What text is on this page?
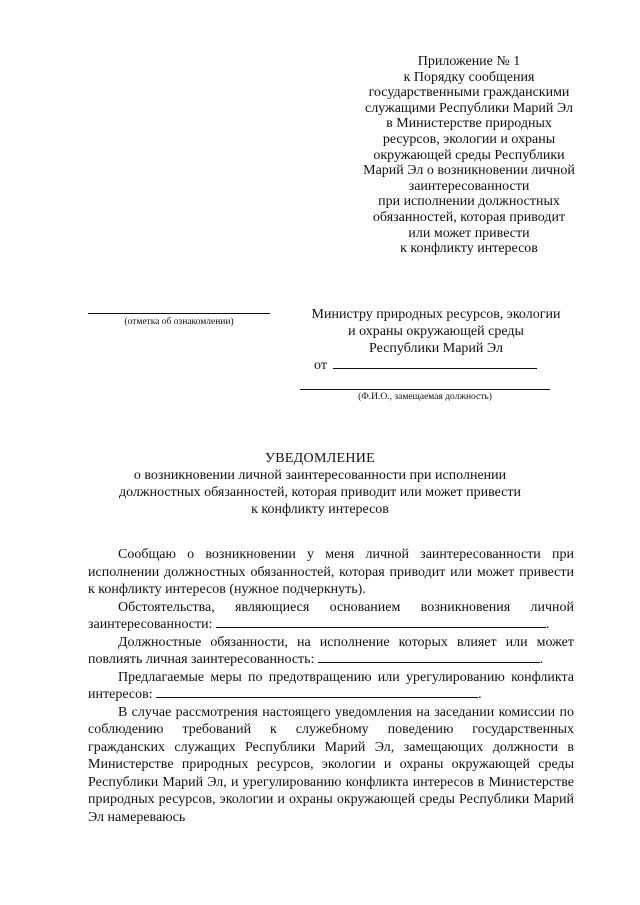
Приложение № 1
к Порядку сообщения
государственными гражданскими
служащими Республики Марий Эл
в Министерстве природных
ресурсов, экологии и охраны
окружающей среды Республики
Марий Эл о возникновении личной
заинтересованности
при исполнении должностных
обязанностей, которая приводит
или может привести
к конфликту интересов
(отметка об ознакомлении)	Министру природных ресурсов, экологии
и охраны окружающей среды
Республики Марий Эл
от
(Ф.И.О., замещаемая должность)
УВЕДОМЛЕНИЕ
о возникновении личной заинтересованности при исполнении
должностных обязанностей, которая приводит или может привести
к конфликту интересов

Сообщаю о возникновении у меня личной заинтересованности при исполнении должностных обязанностей, которая приводит или может привести к конфликту интересов (нужное подчеркнуть).

Обстоятельства, являющиеся основанием возникновения личной заинтересованности:	.

Должностные обязанности, на исполнение которых влияет или может повлиять личная заинтересованность:	.

Предлагаемые меры по предотвращению или урегулированию конфликта интересов:	.

В случае рассмотрения настоящего уведомления на заседании комиссии по соблюдению требований к служебному поведению государственных гражданских служащих Республики Марий Эл, замещающих должности в Министерстве природных ресурсов, экологии и охраны окружающей среды Республики Марий Эл, и урегулированию конфликта интересов в Министерстве природных ресурсов, экологии и охраны окружающей среды Республики Марий Эл намереваюсь
